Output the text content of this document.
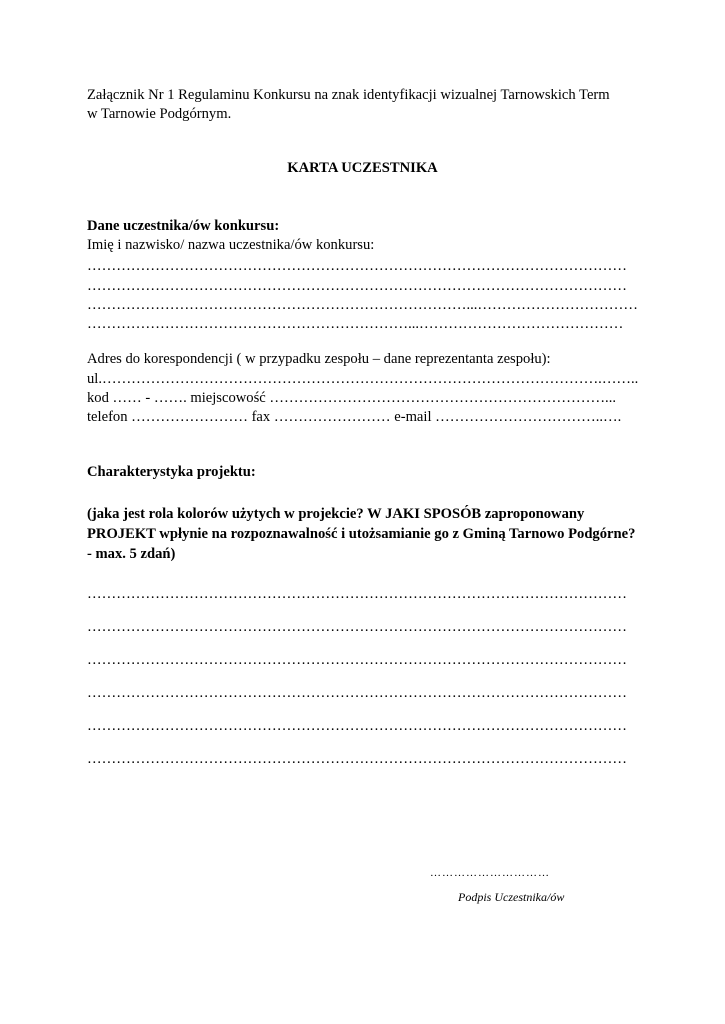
Załącznik Nr 1 Regulaminu Konkursu na znak identyfikacji wizualnej Tarnowskich Term
w Tarnowie Podgórnym.
KARTA UCZESTNIKA
Dane uczestnika/ów konkursu:
Imię i nazwisko/ nazwa uczestnika/ów konkursu:
…………………………………………………………………………………………………
…………………………………………………………………………………………………
……………………………………………………………………...……………………………
…………………………………………………………...……………………………………
Adres do korespondencji ( w przypadku zespołu – dane reprezentanta zespołu):
ul.………………………………………………………………………………………….……..
kod …… - ……. miejscowość ……………………………………………………………...
telefon …………………… fax …………………… e-mail ……………………………..….
Charakterystyka projektu:
(jaka jest rola kolorów użytych w projekcie? W JAKI SPOSÓB zaproponowany
PROJEKT wpłynie na rozpoznawalność i utożsamianie go z Gminą Tarnowo Podgórne?
- max. 5 zdań)
…………………………………………………………………………………………………
…………………………………………………………………………………………………
…………………………………………………………………………………………………
…………………………………………………………………………………………………
…………………………………………………………………………………………………
…………………………………………………………………………………………………
…………………………
Podpis Uczestnika/ów
